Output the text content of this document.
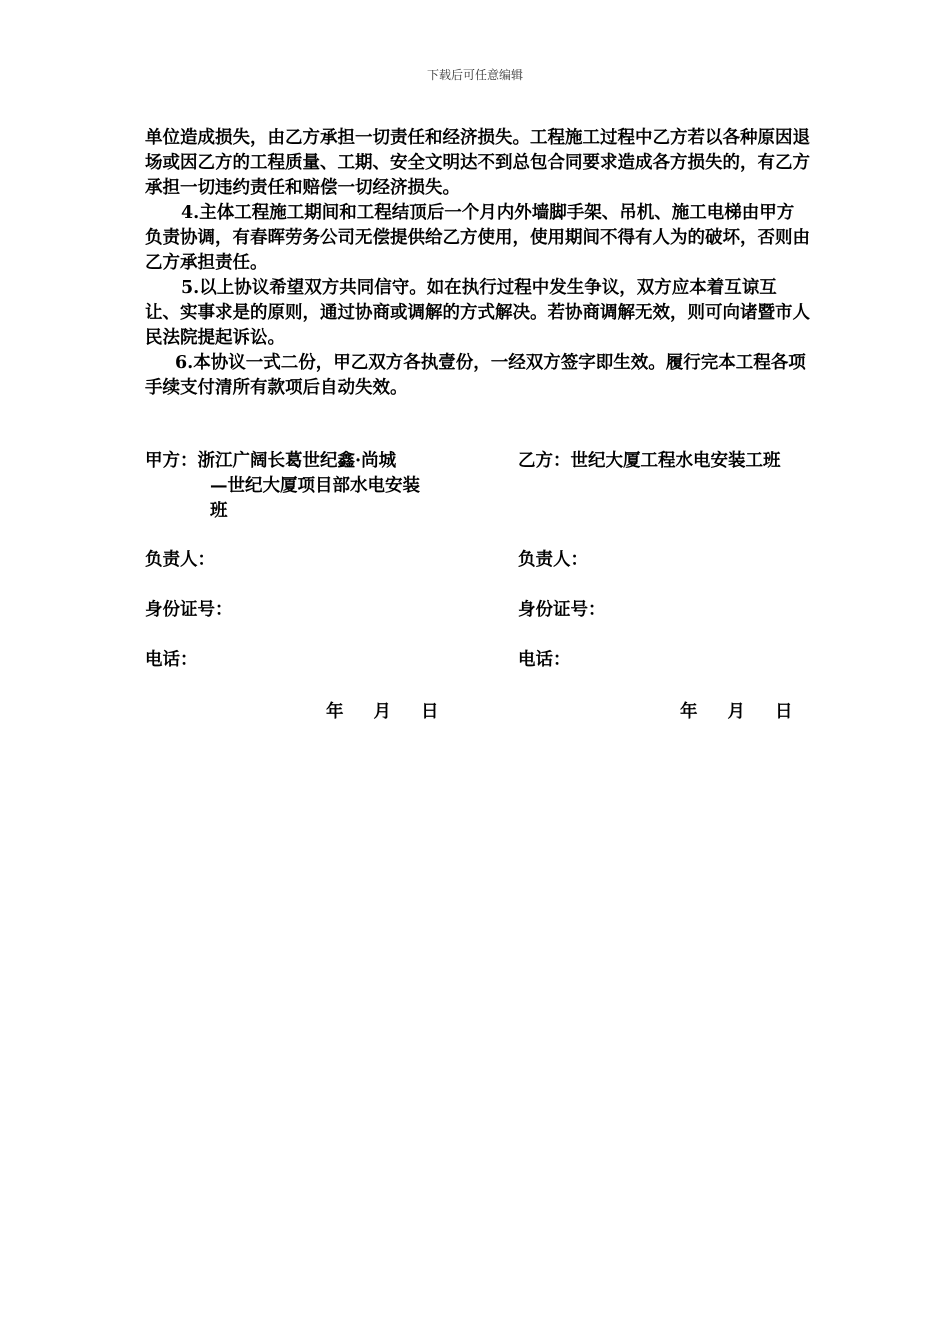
下载后可任意编辑

单位造成损失，由乙方承担一切责任和经济损失。工程施工过程中乙方若以各种原因退场或因乙方的工程质量、工期、安全文明达不到总包合同要求造成各方损失的，有乙方承担一切违约责任和赔偿一切经济损失。

4.主体工程施工期间和工程结顶后一个月内外墙脚手架、吊机、施工电梯由甲方负责协调，有春晖劳务公司无偿提供给乙方使用，使用期间不得有人为的破坏，否则由乙方承担责任。

5.以上协议希望双方共同信守。如在执行过程中发生争议，双方应本着互谅互让、实事求是的原则，通过协商或调解的方式解决。若协商调解无效，则可向诸暨市人民法院提起诉讼。

6.本协议一式二份，甲乙双方各执壹份，一经双方签字即生效。履行完本工程各项手续支付清所有款项后自动失效。

甲方：浙江广阔长葛世纪鑫·尚城
—世纪大厦项目部水电安装
班
负责人：
身份证号：
电话：
乙方：世纪大厦工程水电安装工班
负责人：
身份证号：
电话：
年 月 日	年 月 日
